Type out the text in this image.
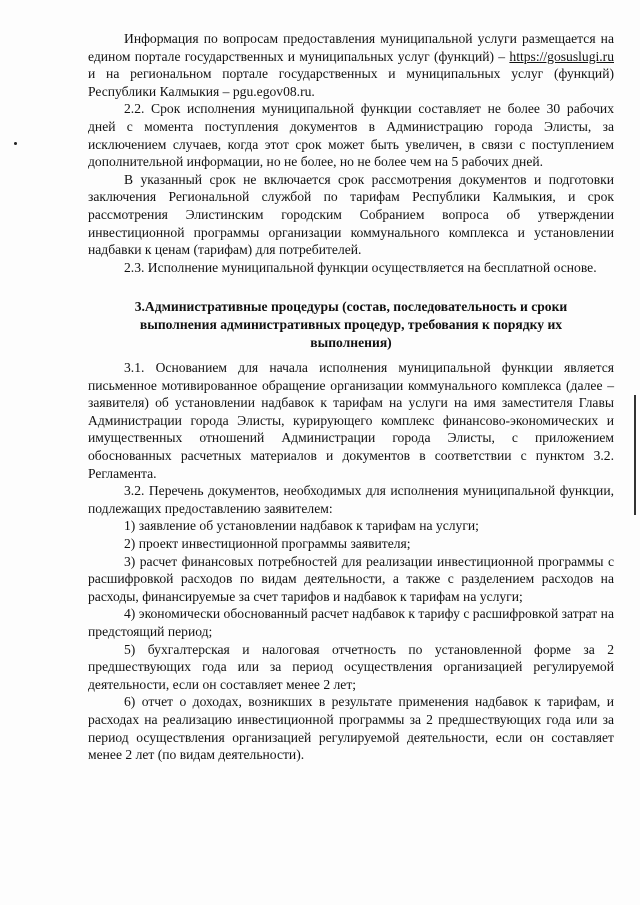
Информация по вопросам предоставления муниципальной услуги размещается на едином портале государственных и муниципальных услуг (функций) – https://gosuslugi.ru и на региональном портале государственных и муниципальных услуг (функций) Республики Калмыкия – pgu.egov08.ru.

2.2. Срок исполнения муниципальной функции составляет не более 30 рабочих дней с момента поступления документов в Администрацию города Элисты, за исключением случаев, когда этот срок может быть увеличен, в связи с поступлением дополнительной информации, но не более, но не более чем на 5 рабочих дней.

В указанный срок не включается срок рассмотрения документов и подготовки заключения Региональной службой по тарифам Республики Калмыкия, и срок рассмотрения Элистинским городским Собранием вопроса об утверждении инвестиционной программы организации коммунального комплекса и установлении надбавки к ценам (тарифам) для потребителей.

2.3. Исполнение муниципальной функции осуществляется на бесплатной основе.

3.Административные процедуры (состав, последовательность и сроки
выполнения административных процедур, требования к порядку их
выполнения)

3.1. Основанием для начала исполнения муниципальной функции является письменное мотивированное обращение организации коммунального комплекса (далее – заявителя) об установлении надбавок к тарифам на услуги на имя заместителя Главы Администрации города Элисты, курирующего комплекс финансово-экономических и имущественных отношений Администрации города Элисты, с приложением обоснованных расчетных материалов и документов в соответствии с пунктом 3.2. Регламента.

3.2. Перечень документов, необходимых для исполнения муниципальной функции, подлежащих предоставлению заявителем:

1) заявление об установлении надбавок к тарифам на услуги;

2) проект инвестиционной программы заявителя;

3) расчет финансовых потребностей для реализации инвестиционной программы с расшифровкой расходов по видам деятельности, а также с разделением расходов на расходы, финансируемые за счет тарифов и надбавок к тарифам на услуги;

4) экономически обоснованный расчет надбавок к тарифу с расшифровкой затрат на предстоящий период;

5) бухгалтерская и налоговая отчетность по установленной форме за 2 предшествующих года или за период осуществления организацией регулируемой деятельности, если он составляет менее 2 лет;

6) отчет о доходах, возникших в результате применения надбавок к тарифам, и расходах на реализацию инвестиционной программы за 2 предшествующих года или за период осуществления организацией регулируемой деятельности, если он составляет менее 2 лет (по видам деятельности).
